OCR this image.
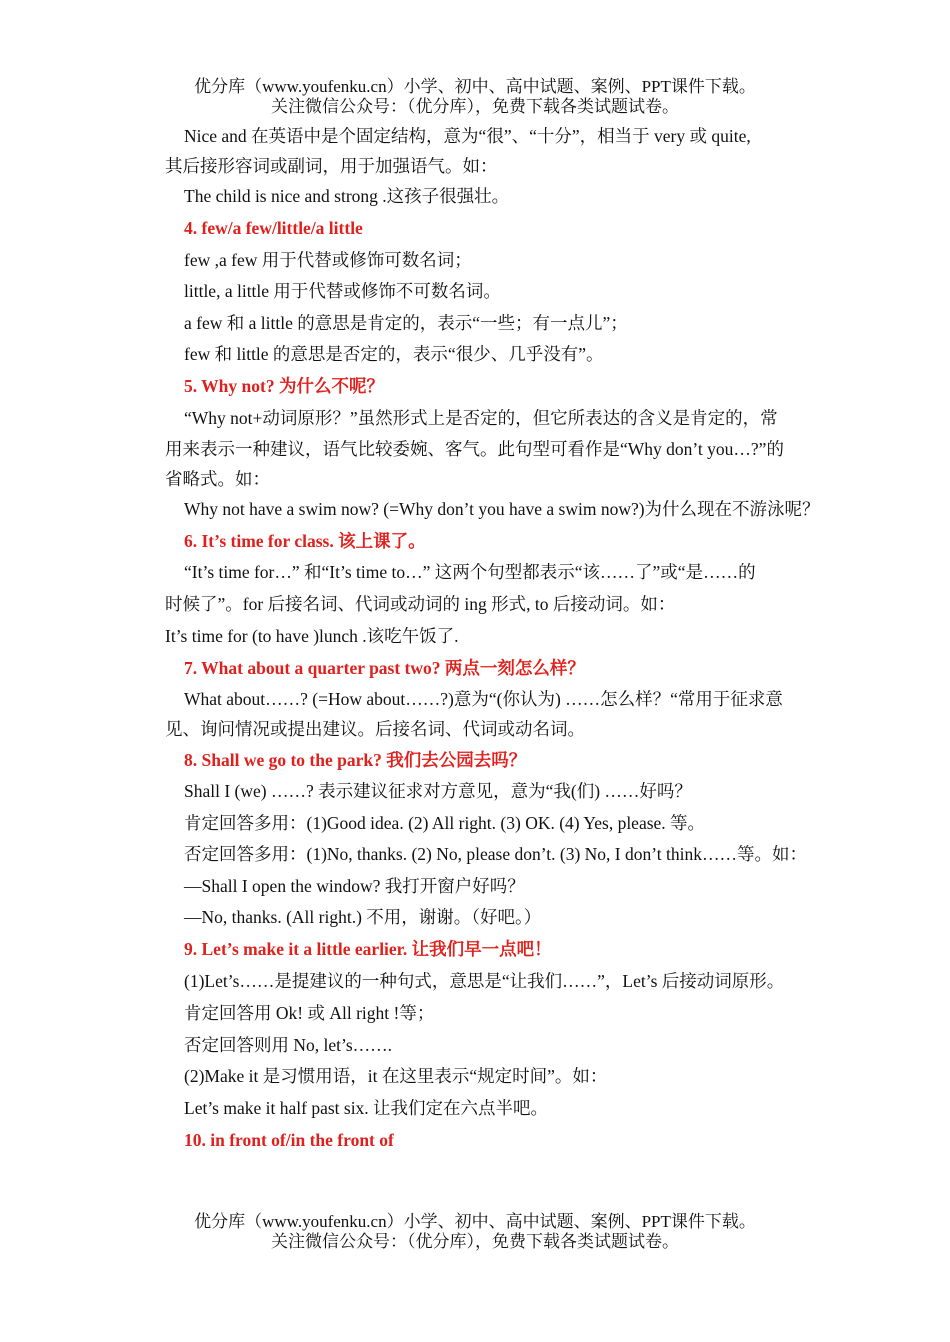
优分库（www.youfenku.cn）小学、初中、高中试题、案例、PPT课件下载。
关注微信公众号：（优分库），免费下载各类试题试卷。
Nice and 在英语中是个固定结构，意为“很”、“十分”，相当于 very 或 quite,
其后接形容词或副词，用于加强语气。如：
The child is nice and strong .这孩子很强壮。
4. few/a few/little/a little
few ,a few 用于代替或修饰可数名词；
little, a little 用于代替或修饰不可数名词。
a few 和 a little 的意思是肯定的，表示“一些；有一点儿”；
few 和 little 的意思是否定的，表示“很少、几乎没有”。
5. Why not? 为什么不呢？
“Why not+动词原形？”虽然形式上是否定的，但它所表达的含义是肯定的，常
用来表示一种建议，语气比较委婉、客气。此句型可看作是“Why don’t you…?”的
省略式。如：
Why not have a swim now? (=Why don’t you have a swim now?)为什么现在不游泳呢？
6. It’s time for class. 该上课了。
“It’s time for…” 和“It’s time to…” 这两个句型都表示“该……了”或“是……的
时候了”。for 后接名词、代词或动词的 ing 形式, to 后接动词。如：
It’s time for (to have )lunch .该吃午饭了.
7. What about a quarter past two? 两点一刻怎么样？
What about……? (=How about……?)意为“(你认为) ……怎么样？“常用于征求意
见、询问情况或提出建议。后接名词、代词或动名词。
8. Shall we go to the park? 我们去公园去吗？
Shall I (we) ……? 表示建议征求对方意见，意为“我(们) ……好吗？
肯定回答多用：(1)Good idea. (2) All right. (3) OK. (4) Yes, please. 等。
否定回答多用：(1)No, thanks. (2) No, please don’t. (3) No, I don’t think……等。如：
—Shall I open the window? 我打开窗户好吗？
—No, thanks. (All right.) 不用，谢谢。（好吧。）
9. Let’s make it a little earlier. 让我们早一点吧！
(1)Let’s……是提建议的一种句式，意思是“让我们……”，Let’s 后接动词原形。
肯定回答用 Ok! 或 All right !等；
否定回答则用 No, let’s…….
(2)Make it 是习惯用语，it 在这里表示“规定时间”。如：
Let’s make it half past six. 让我们定在六点半吧。
10. in front of/in the front of
优分库（www.youfenku.cn）小学、初中、高中试题、案例、PPT课件下载。
关注微信公众号：（优分库），免费下载各类试题试卷。
